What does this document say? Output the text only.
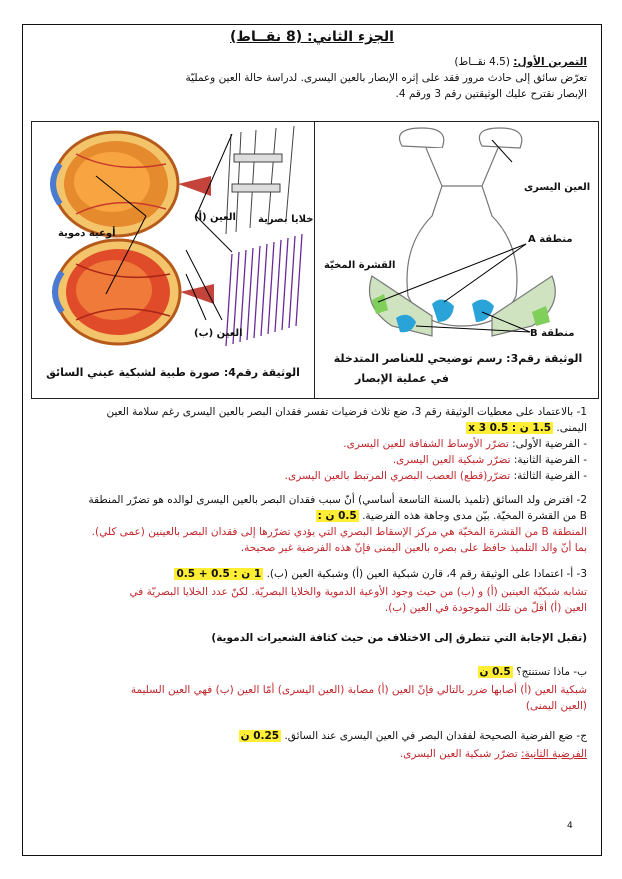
الجزء الثاني: (8 نقــاط)
التمرين الأول: (4.5 نقــاط)
تعرّض سائق إلى حادث مرور فقد على إثره الإبصار بالعين اليسرى. لدراسة حالة العين وعمليّة
الإبصار نقترح عليك الوثيقتين رقم 3 ورقم 4.
العين (أ) خلايا بصرية
أوعية دموية
العين (ب)
الوثيقة رقم4: صورة طبية لشبكية عيني السائق
العين اليسرى
منطقة A
القشرة المخيّة
منطقة B
الوثيقة رقم3: رسم توضيحي للعناصر المتدخلة
في عملية الإبصار
1- بالاعتماد على معطيات الوثيقة رقم 3، ضع ثلاث فرضيات تفسر فقدان البصر بالعين اليسرى رغم سلامة العين
اليمنى. 1.5 ن : 0.5 x 3
- الفرضية الأولى: تضرّر الأوساط الشفافة للعين اليسرى.
- الفرضية الثانية: تضرّر شبكية العين اليسرى.
- الفرضية الثالثة: تضرّر(قطع) العصب البصري المرتبط بالعين اليسرى.
2- افترض ولد السائق (تلميذ بالسنة التاسعة أساسي) أنّ سبب فقدان البصر بالعين اليسرى لوالده هو تضرّر المنطقة
B من القشرة المخيّة. بيّن مدى وجاهة هذه الفرضية. 0.5 ن :
المنطقة B من القشرة المخيّة هي مركز الإسقاط البصري التي يؤدي تضرّرها إلى فقدان البصر بالعينين (عمى كلي).
بما أنّ والد التلميذ حافظ على بصره بالعين اليمنى فإنّ هذه الفرضية غير صحيحة.
3- أ- اعتمادا على الوثيقة رقم 4، قارن شبكية العين (أ) وشبكية العين (ب). 1 ن : 0.5 + 0.5
تشابه شبكيّة العينين (أ) و (ب) من حيث وجود الأوعية الدموية والخلايا البصريّة. لكنّ عدد الخلايا البصريّة في
العين (أ) أقلّ من تلك الموجودة في العين (ب).
(تقبل الإجابة التي تتطرق إلى الاختلاف من حيث كثافة الشعيرات الدموية)
ب- ماذا تستنتج؟ 0.5 ن
شبكية العين (أ) أصابها ضرر بالتالي فإنّ العين (أ) مصابة (العين اليسرى) أمّا العين (ب) فهي العين السليمة
(العين اليمنى)
ج- ضع الفرضية الصحيحة لفقدان البصر في العين اليسرى عند السائق. 0.25 ن
الفرضية الثانية: تضرّر شبكية العين اليسرى.
4
